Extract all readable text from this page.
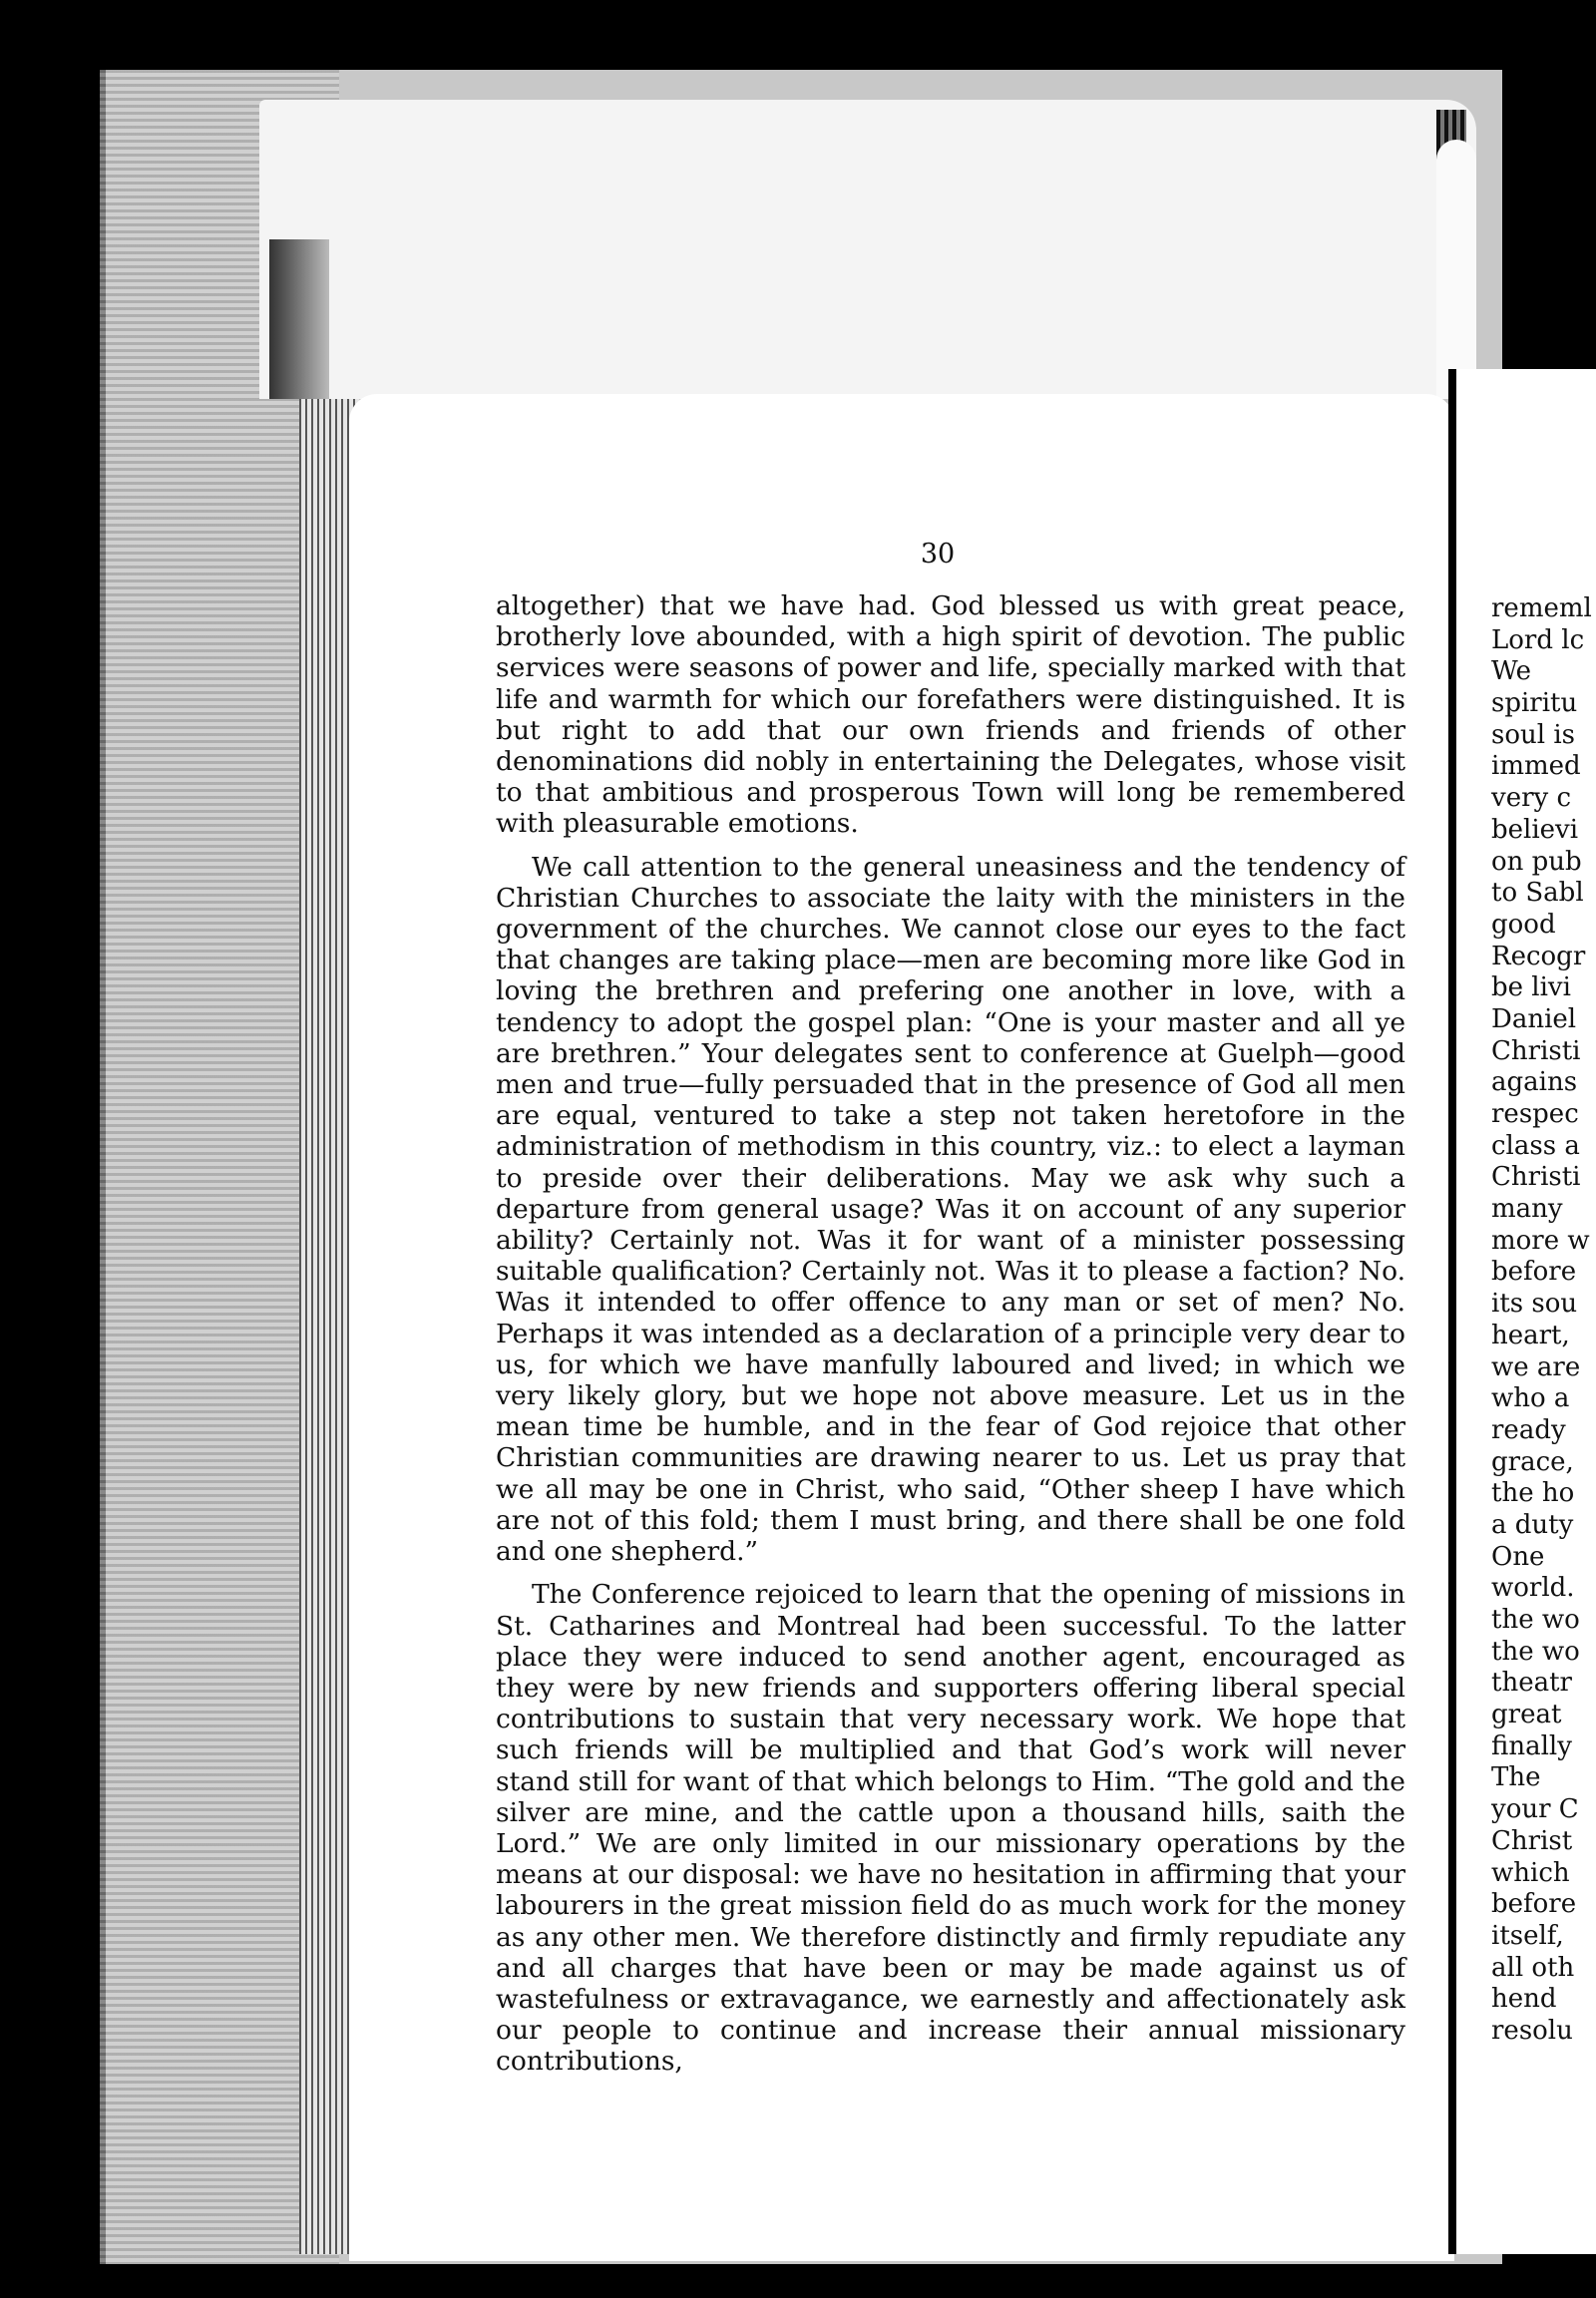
30

altogether) that we have had. God blessed us with great peace, brotherly love abounded, with a high spirit of devotion. The public services were seasons of power and life, specially marked with that life and warmth for which our forefathers were distinguished. It is but right to add that our own friends and friends of other denominations did nobly in entertaining the Delegates, whose visit to that ambitious and prosperous Town will long be remembered with pleasurable emotions.

We call attention to the general uneasiness and the tendency of Christian Churches to associate the laity with the ministers in the government of the churches. We cannot close our eyes to the fact that changes are taking place—men are becoming more like God in loving the brethren and prefering one another in love, with a tendency to adopt the gospel plan: “One is your master and all ye are brethren.” Your delegates sent to conference at Guelph—good men and true—fully persuaded that in the presence of God all men are equal, ventured to take a step not taken heretofore in the administration of methodism in this country, viz.: to elect a layman to preside over their deliberations. May we ask why such a departure from general usage? Was it on account of any superior ability? Certainly not. Was it for want of a minister possessing suitable qualification? Certainly not. Was it to please a faction? No. Was it intended to offer offence to any man or set of men? No. Perhaps it was intended as a declaration of a principle very dear to us, for which we have manfully laboured and lived; in which we very likely glory, but we hope not above measure. Let us in the mean time be humble, and in the fear of God rejoice that other Christian communities are drawing nearer to us. Let us pray that we all may be one in Christ, who said, “Other sheep I have which are not of this fold; them I must bring, and there shall be one fold and one shepherd.”

The Conference rejoiced to learn that the opening of missions in St. Catharines and Montreal had been successful. To the latter place they were induced to send another agent, encouraged as they were by new friends and supporters offering liberal special contributions to sustain that very necessary work. We hope that such friends will be multiplied and that God’s work will never stand still for want of that which belongs to Him. “The gold and the silver are mine, and the cattle upon a thousand hills, saith the Lord.” We are only limited in our missionary operations by the means at our disposal: we have no hesitation in affirming that your labourers in the great mission field do as much work for the money as any other men. We therefore distinctly and firmly repudiate any and all charges that have been or may be made against us of wastefulness or extravagance, we earnestly and affectionately ask our people to continue and increase their annual missionary contributions,

rememl
Lord lc
We
spiritu
soul is
immed
very c
believi
on pub
to Sabl
good
Recogr
be livi
Daniel
Christi
agains
respec
class a
Christi
many
more w
before
its sou
heart,
we are
who a
ready
grace,
the ho
a duty
One
world.
the wo
the wo
theatr
great
finally
The
your C
Christ
which
before
itself,
all oth
hend
resolu
